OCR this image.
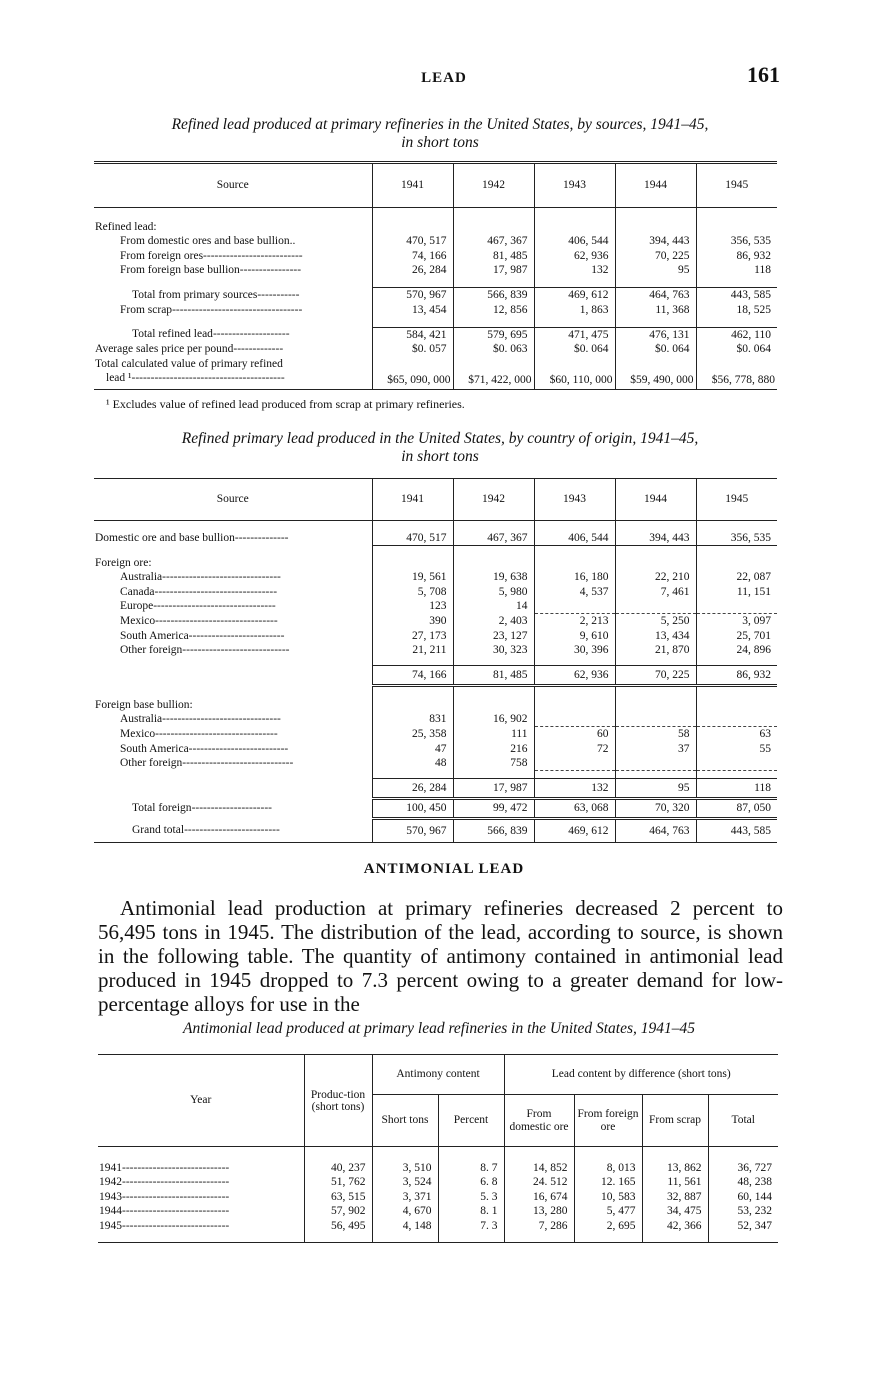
LEAD	161
Refined lead produced at primary refineries in the United States, by sources, 1941–45,
in short tons
Source	1941	1942	1943	1944	1945

Refined lead:					
From domestic ores and base bullion..	470, 517	467, 367	406, 544	394, 443	356, 535
From foreign ores--------------------------	74, 166	81, 485	62, 936	70, 225	86, 932
From foreign base bullion----------------	26, 284	17, 987	132	95	118

Total from primary sources-----------	570, 967	566, 839	469, 612	464, 763	443, 585
From scrap----------------------------------	13, 454	12, 856	1, 863	11, 368	18, 525

Total refined lead--------------------	584, 421	579, 695	471, 475	476, 131	462, 110
Average sales price per pound-------------	$0. 057	$0. 063	$0. 064	$0. 064	$0. 064
Total calculated value of primary refined					
lead ¹----------------------------------------	$65, 090, 000	$71, 422, 000	$60, 110, 000	$59, 490, 000	$56, 778, 880
¹ Excludes value of refined lead produced from scrap at primary refineries.
Refined primary lead produced in the United States, by country of origin, 1941–45,
in short tons
Source	1941	1942	1943	1944	1945

Domestic ore and base bullion--------------	470, 517	467, 367	406, 544	394, 443	356, 535

Foreign ore:					
Australia-------------------------------	19, 561	19, 638	16, 180	22, 210	22, 087
Canada--------------------------------	5, 708	5, 980	4, 537	7, 461	11, 151
Europe--------------------------------	123	14			
Mexico--------------------------------	390	2, 403	2, 213	5, 250	3, 097
South America-------------------------	27, 173	23, 127	9, 610	13, 434	25, 701
Other foreign----------------------------	21, 211	30, 323	30, 396	21, 870	24, 896

	74, 166	81, 485	62, 936	70, 225	86, 932

Foreign base bullion:					
Australia-------------------------------	831	16, 902			
Mexico--------------------------------	25, 358	111	60	58	63
South America--------------------------	47	216	72	37	55
Other foreign-----------------------------	48	758			

	26, 284	17, 987	132	95	118
Total foreign---------------------	100, 450	99, 472	63, 068	70, 320	87, 050
Grand total-------------------------	570, 967	566, 839	469, 612	464, 763	443, 585
ANTIMONIAL LEAD

Antimonial lead production at primary refineries decreased 2 percent to 56,495 tons in 1945. The distribution of the lead, according to source, is shown in the following table. The quantity of antimony contained in antimonial lead produced in 1945 dropped to 7.3 percent owing to a greater demand for low-percentage alloys for use in the

Antimonial lead produced at primary lead refineries in the United States, 1941–45
Year	Produc-tion (short tons)	Antimony content		Lead content by difference (short tons)			
		Short tons	Percent	From domestic ore	From foreign ore	From scrap	Total

1941----------------------------	40, 237	3, 510	8. 7	14, 852	8, 013	13, 862	36, 727
1942----------------------------	51, 762	3, 524	6. 8	24. 512	12. 165	11, 561	48, 238
1943----------------------------	63, 515	3, 371	5. 3	16, 674	10, 583	32, 887	60, 144
1944----------------------------	57, 902	4, 670	8. 1	13, 280	5, 477	34, 475	53, 232
1945----------------------------	56, 495	4, 148	7. 3	7, 286	2, 695	42, 366	52, 347
